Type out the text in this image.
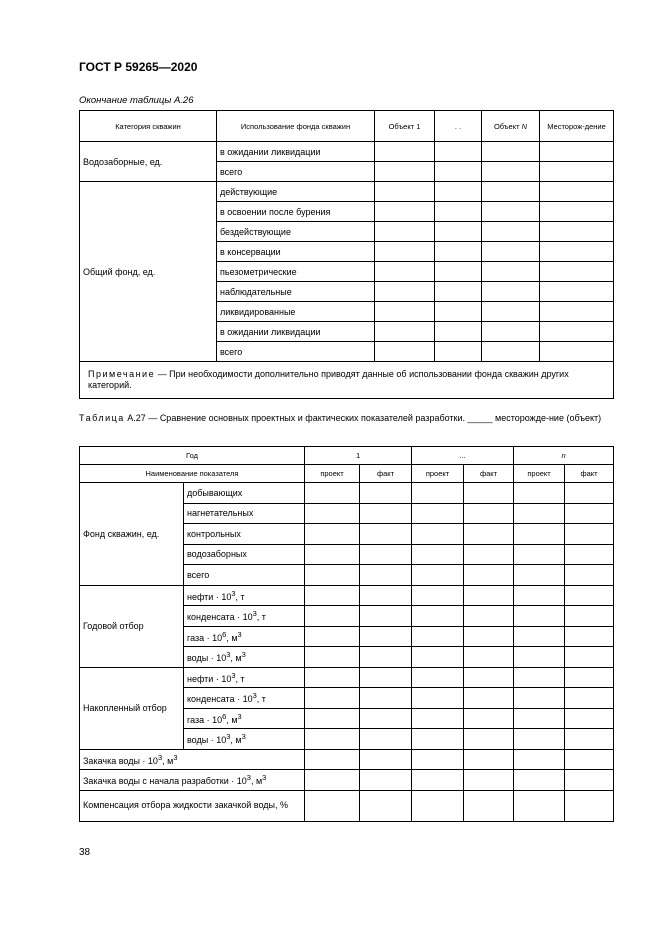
ГОСТ Р 59265—2020
Окончание таблицы А.26
Категория скважин	Использование фонда скважин	Объект 1	. .	Объект N	Месторож-дение
Водозаборные, ед.	в ожидании ликвидации				
	всего				
Общий фонд, ед.	действующие				
	в освоении после бурения				
	бездействующие				
	в консервации				
	пьезометрические				
	наблюдательные				
	ликвидированные				
	в ожидании ликвидации				
	всего				
Примечание — При необходимости дополнительно приводят данные об использовании фонда скважин других категорий.					
Таблица А.27 — Сравнение основных проектных и фактических показателей разработки. _____ месторожде-ние (объект)
Год		1		...		n	
Наименование показателя		проект	факт	проект	факт	проект	факт
Фонд скважин, ед.	добывающих						
	нагнетательных						
	контрольных						
	водозаборных						
	всего						
Годовой отбор	нефти · $10^3$, т						
	конденсата · $10^3$, т						
	газа · $10^6$, $м^3$						
	воды · $10^3$, $м^3$						
Накопленный отбор	нефти · $10^3$, т						
	конденсата · $10^3$, т						
	газа · $10^6$, $м^3$						
	воды · $10^3$, $м^3$						
Закачка воды · $10^3$, $м^3$						
Закачка воды с начала разработки · $10^3$, $м^3$						
Компенсация отбора жидкости закачкой воды, %							
38
